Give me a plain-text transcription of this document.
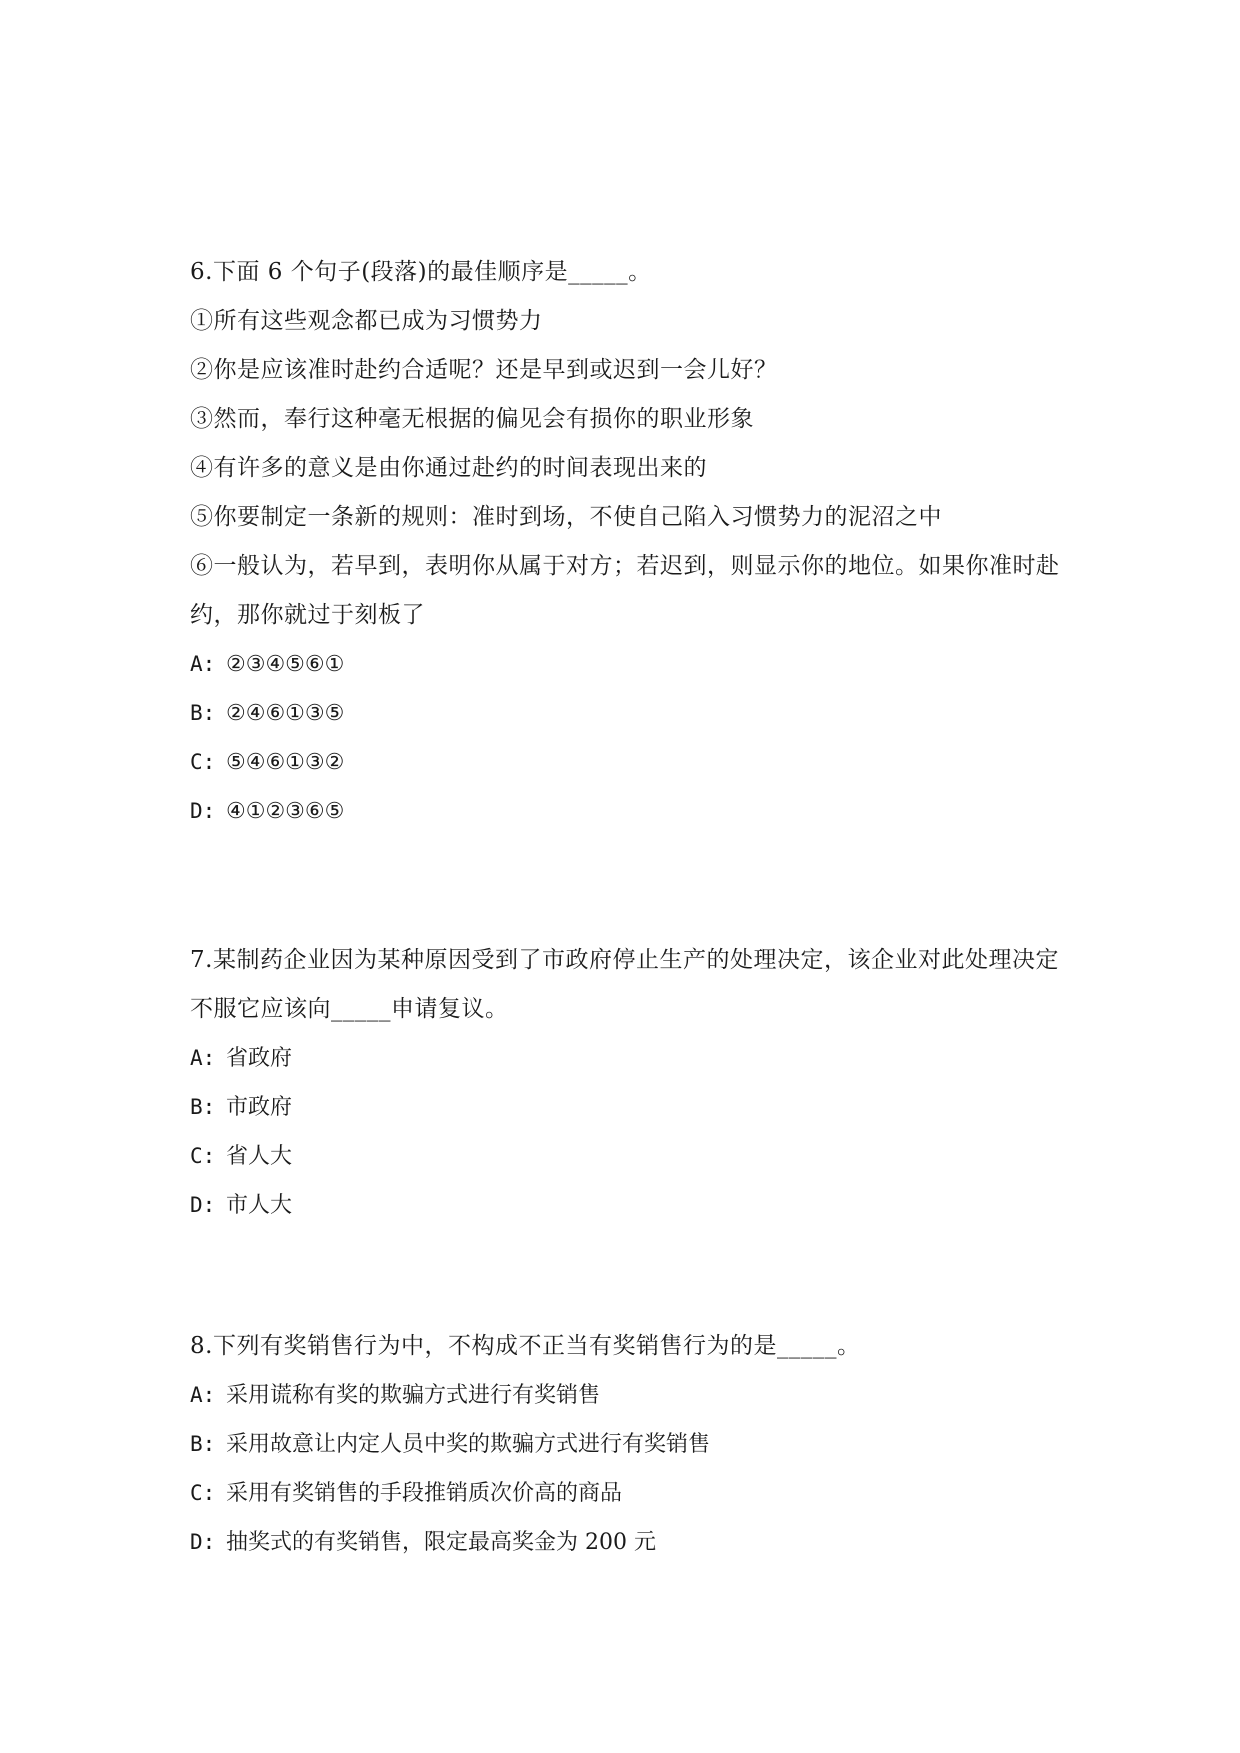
6.下面 6 个句子(段落)的最佳顺序是_____。
①所有这些观念都已成为习惯势力
②你是应该准时赴约合适呢？还是早到或迟到一会儿好？
③然而，奉行这种毫无根据的偏见会有损你的职业形象
④有许多的意义是由你通过赴约的时间表现出来的
⑤你要制定一条新的规则：准时到场，不使自己陷入习惯势力的泥沼之中
⑥一般认为，若早到，表明你从属于对方；若迟到，则显示你的地位。如果你准时赴约，那你就过于刻板了
A: ②③④⑤⑥①
B: ②④⑥①③⑤
C: ⑤④⑥①③②
D: ④①②③⑥⑤
7.某制药企业因为某种原因受到了市政府停止生产的处理决定，该企业对此处理决定不服它应该向_____申请复议。
A: 省政府
B: 市政府
C: 省人大
D: 市人大
8.下列有奖销售行为中，不构成不正当有奖销售行为的是_____。
A: 采用谎称有奖的欺骗方式进行有奖销售
B: 采用故意让内定人员中奖的欺骗方式进行有奖销售
C: 采用有奖销售的手段推销质次价高的商品
D: 抽奖式的有奖销售，限定最高奖金为 200 元
